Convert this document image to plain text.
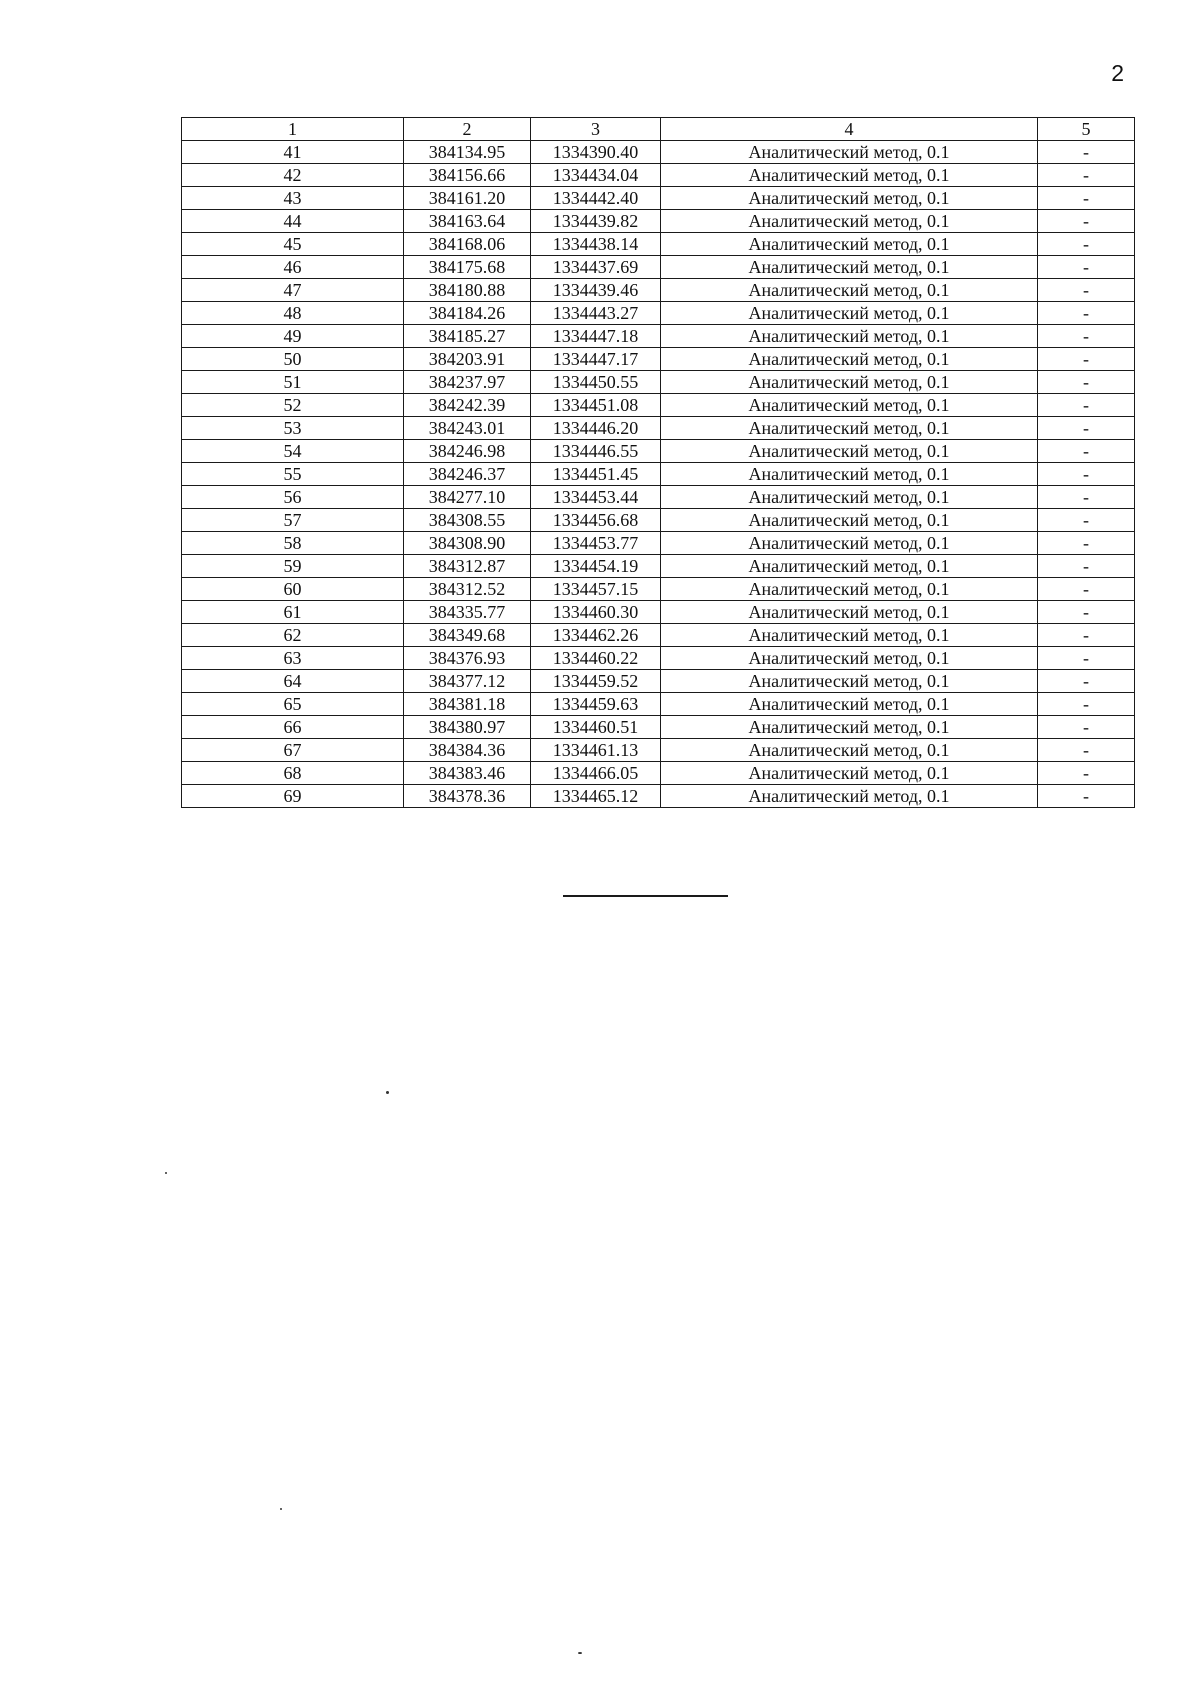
2
1	2	3	4	5
41	384134.95	1334390.40	Аналитический метод, 0.1	-
42	384156.66	1334434.04	Аналитический метод, 0.1	-
43	384161.20	1334442.40	Аналитический метод, 0.1	-
44	384163.64	1334439.82	Аналитический метод, 0.1	-
45	384168.06	1334438.14	Аналитический метод, 0.1	-
46	384175.68	1334437.69	Аналитический метод, 0.1	-
47	384180.88	1334439.46	Аналитический метод, 0.1	-
48	384184.26	1334443.27	Аналитический метод, 0.1	-
49	384185.27	1334447.18	Аналитический метод, 0.1	-
50	384203.91	1334447.17	Аналитический метод, 0.1	-
51	384237.97	1334450.55	Аналитический метод, 0.1	-
52	384242.39	1334451.08	Аналитический метод, 0.1	-
53	384243.01	1334446.20	Аналитический метод, 0.1	-
54	384246.98	1334446.55	Аналитический метод, 0.1	-
55	384246.37	1334451.45	Аналитический метод, 0.1	-
56	384277.10	1334453.44	Аналитический метод, 0.1	-
57	384308.55	1334456.68	Аналитический метод, 0.1	-
58	384308.90	1334453.77	Аналитический метод, 0.1	-
59	384312.87	1334454.19	Аналитический метод, 0.1	-
60	384312.52	1334457.15	Аналитический метод, 0.1	-
61	384335.77	1334460.30	Аналитический метод, 0.1	-
62	384349.68	1334462.26	Аналитический метод, 0.1	-
63	384376.93	1334460.22	Аналитический метод, 0.1	-
64	384377.12	1334459.52	Аналитический метод, 0.1	-
65	384381.18	1334459.63	Аналитический метод, 0.1	-
66	384380.97	1334460.51	Аналитический метод, 0.1	-
67	384384.36	1334461.13	Аналитический метод, 0.1	-
68	384383.46	1334466.05	Аналитический метод, 0.1	-
69	384378.36	1334465.12	Аналитический метод, 0.1	-
